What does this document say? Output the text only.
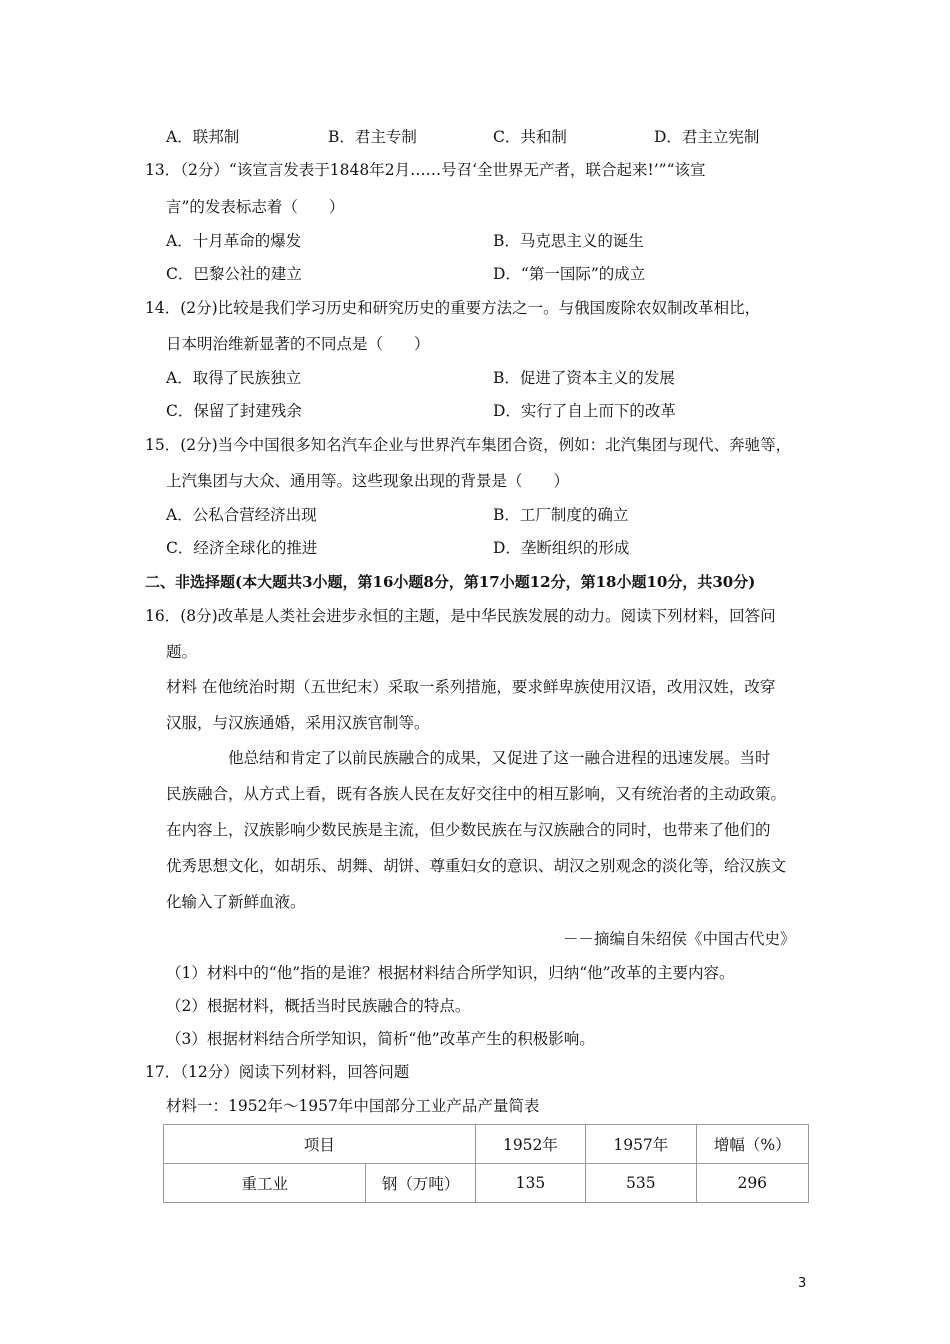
A．联邦制	B．君主专制	C．共和制	D．君主立宪制
13．（2分）“该宣言发表于1848年2月……号召‘全世界无产者，联合起来!’”“该宣
言”的发表标志着（　　）
A．十月革命的爆发	B．马克思主义的诞生
C．巴黎公社的建立	D．“第一国际”的成立
14．(2分)比较是我们学习历史和研究历史的重要方法之一。与俄国废除农奴制改革相比，
日本明治维新显著的不同点是（　　）
A．取得了民族独立	B．促进了资本主义的发展
C．保留了封建残余	D．实行了自上而下的改革
15．(2分)当今中国很多知名汽车企业与世界汽车集团合资，例如：北汽集团与现代、奔驰等，
上汽集团与大众、通用等。这些现象出现的背景是（　　）
A．公私合营经济出现	B．工厂制度的确立
C．经济全球化的推进	D．垄断组织的形成
二、非选择题(本大题共3小题，第16小题8分，第17小题12分，第18小题10分，共30分)
16．(8分)改革是人类社会进步永恒的主题，是中华民族发展的动力。阅读下列材料，回答问
题。
材料 在他统治时期（五世纪末）采取一系列措施，要求鲜卑族使用汉语，改用汉姓，改穿
汉服，与汉族通婚，采用汉族官制等。
他总结和肯定了以前民族融合的成果，又促进了这一融合进程的迅速发展。当时
民族融合，从方式上看，既有各族人民在友好交往中的相互影响，又有统治者的主动政策。
在内容上，汉族影响少数民族是主流，但少数民族在与汉族融合的同时，也带来了他们的
优秀思想文化，如胡乐、胡舞、胡饼、尊重妇女的意识、胡汉之别观念的淡化等，给汉族文
化输入了新鲜血液。
－－摘编自朱绍侯《中国古代史》
（1）材料中的“他”指的是谁？根据材料结合所学知识，归纳“他”改革的主要内容。
（2）根据材料，概括当时民族融合的特点。
（3）根据材料结合所学知识，简析“他”改革产生的积极影响。
17．（12分）阅读下列材料，回答问题
材料一：1952年～1957年中国部分工业产品产量简表
项目		1952年	1957年	增幅（%）
重工业	钢（万吨）	135	535	296
3
